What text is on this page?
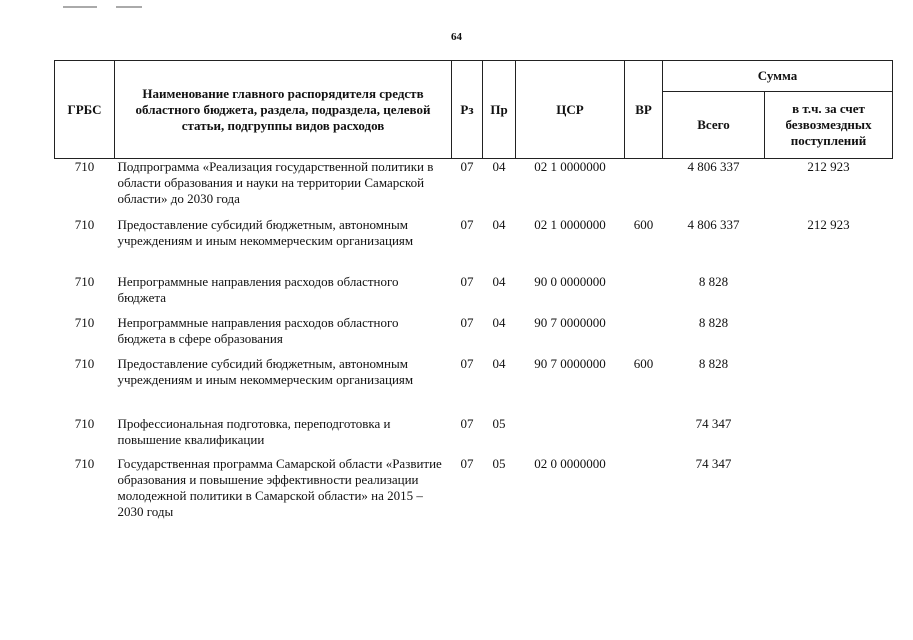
64
ГРБС	Наименование главного распорядителя средств областного бюджета, раздела, подраздела, целевой статьи, подгруппы видов расходов	Рз	Пр	ЦСР	ВР	Сумма	
						Всего	в т.ч. за счет безвозмездных поступлений
710	Подпрограмма «Реализация государственной политики в области образования и науки на территории Самарской области» до 2030 года	07	04	02 1 0000000		4 806 337	212 923
710	Предоставление субсидий бюджетным, автономным учреждениям и иным некоммерческим организациям	07	04	02 1 0000000	600	4 806 337	212 923
710	Непрограммные направления расходов областного бюджета	07	04	90 0 0000000		8 828	
710	Непрограммные направления расходов областного бюджета в сфере образования	07	04	90 7 0000000		8 828	
710	Предоставление субсидий бюджетным, автономным учреждениям и иным некоммерческим организациям	07	04	90 7 0000000	600	8 828	
710	Профессиональная подготовка, переподготовка и повышение квалификации	07	05			74 347	
710	Государственная программа Самарской области «Развитие образования и повышение эффективности реализации молодежной политики в Самарской области» на 2015 – 2030 годы	07	05	02 0 0000000		74 347	
